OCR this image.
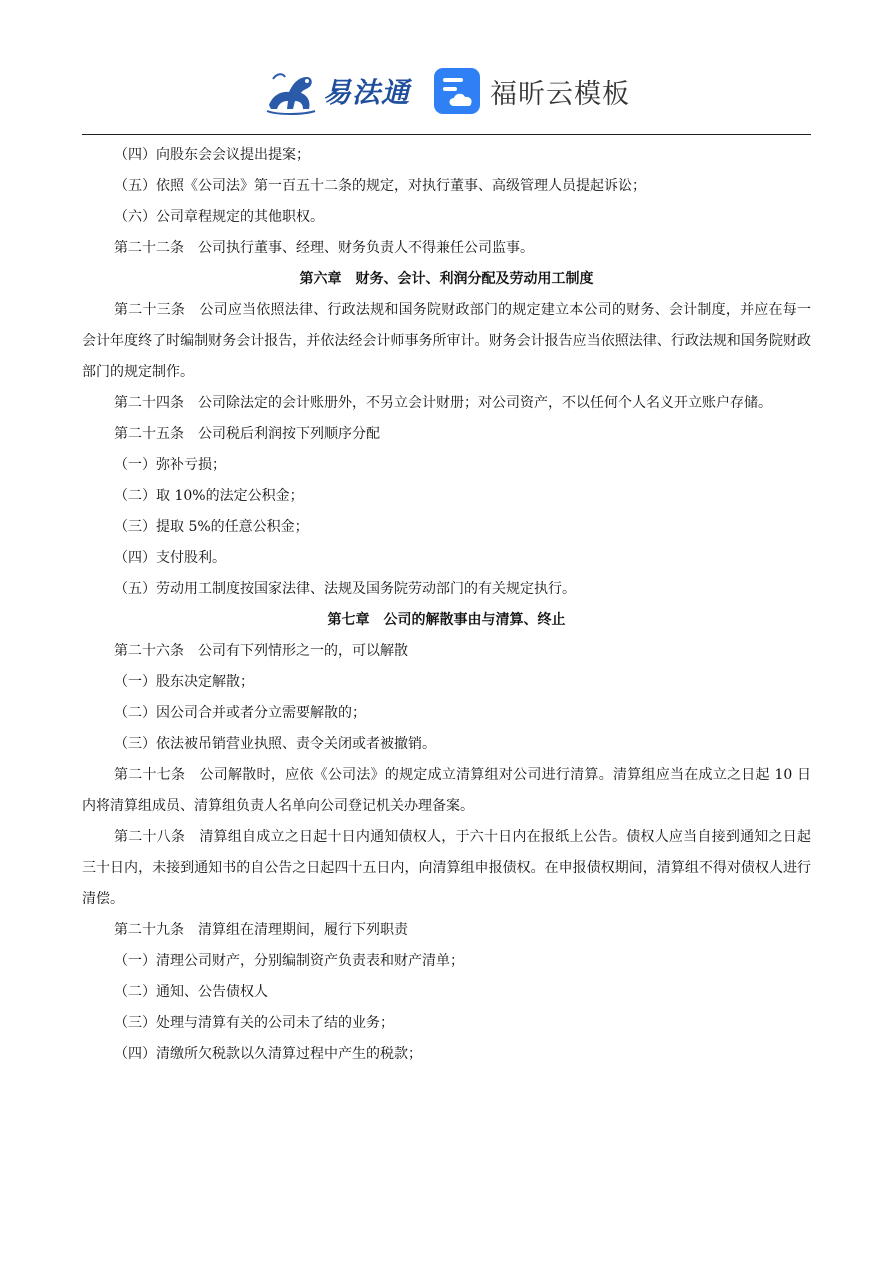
易法通	福昕云模板

（四）向股东会会议提出提案；

（五）依照《公司法》第一百五十二条的规定，对执行董事、高级管理人员提起诉讼；

（六）公司章程规定的其他职权。

第二十二条　公司执行董事、经理、财务负责人不得兼任公司监事。

第六章　财务、会计、利润分配及劳动用工制度

第二十三条　公司应当依照法律、行政法规和国务院财政部门的规定建立本公司的财务、会计制度，并应在每一会计年度终了时编制财务会计报告，并依法经会计师事务所审计。财务会计报告应当依照法律、行政法规和国务院财政部门的规定制作。

第二十四条　公司除法定的会计账册外，不另立会计财册；对公司资产，不以任何个人名义开立账户存储。

第二十五条　公司税后利润按下列顺序分配

（一）弥补亏损；

（二）取 10%的法定公积金；

（三）提取 5%的任意公积金；

（四）支付股利。

（五）劳动用工制度按国家法律、法规及国务院劳动部门的有关规定执行。

第七章　公司的解散事由与清算、终止

第二十六条　公司有下列情形之一的，可以解散

（一）股东决定解散；

（二）因公司合并或者分立需要解散的；

（三）依法被吊销营业执照、责令关闭或者被撤销。

第二十七条　公司解散时，应依《公司法》的规定成立清算组对公司进行清算。清算组应当在成立之日起 10 日内将清算组成员、清算组负责人名单向公司登记机关办理备案。

第二十八条　清算组自成立之日起十日内通知债权人，于六十日内在报纸上公告。债权人应当自接到通知之日起三十日内，未接到通知书的自公告之日起四十五日内，向清算组申报债权。在申报债权期间，清算组不得对债权人进行清偿。

第二十九条　清算组在清理期间，履行下列职责

（一）清理公司财产，分别编制资产负责表和财产清单；

（二）通知、公告债权人

（三）处理与清算有关的公司未了结的业务；

（四）清缴所欠税款以久清算过程中产生的税款；
